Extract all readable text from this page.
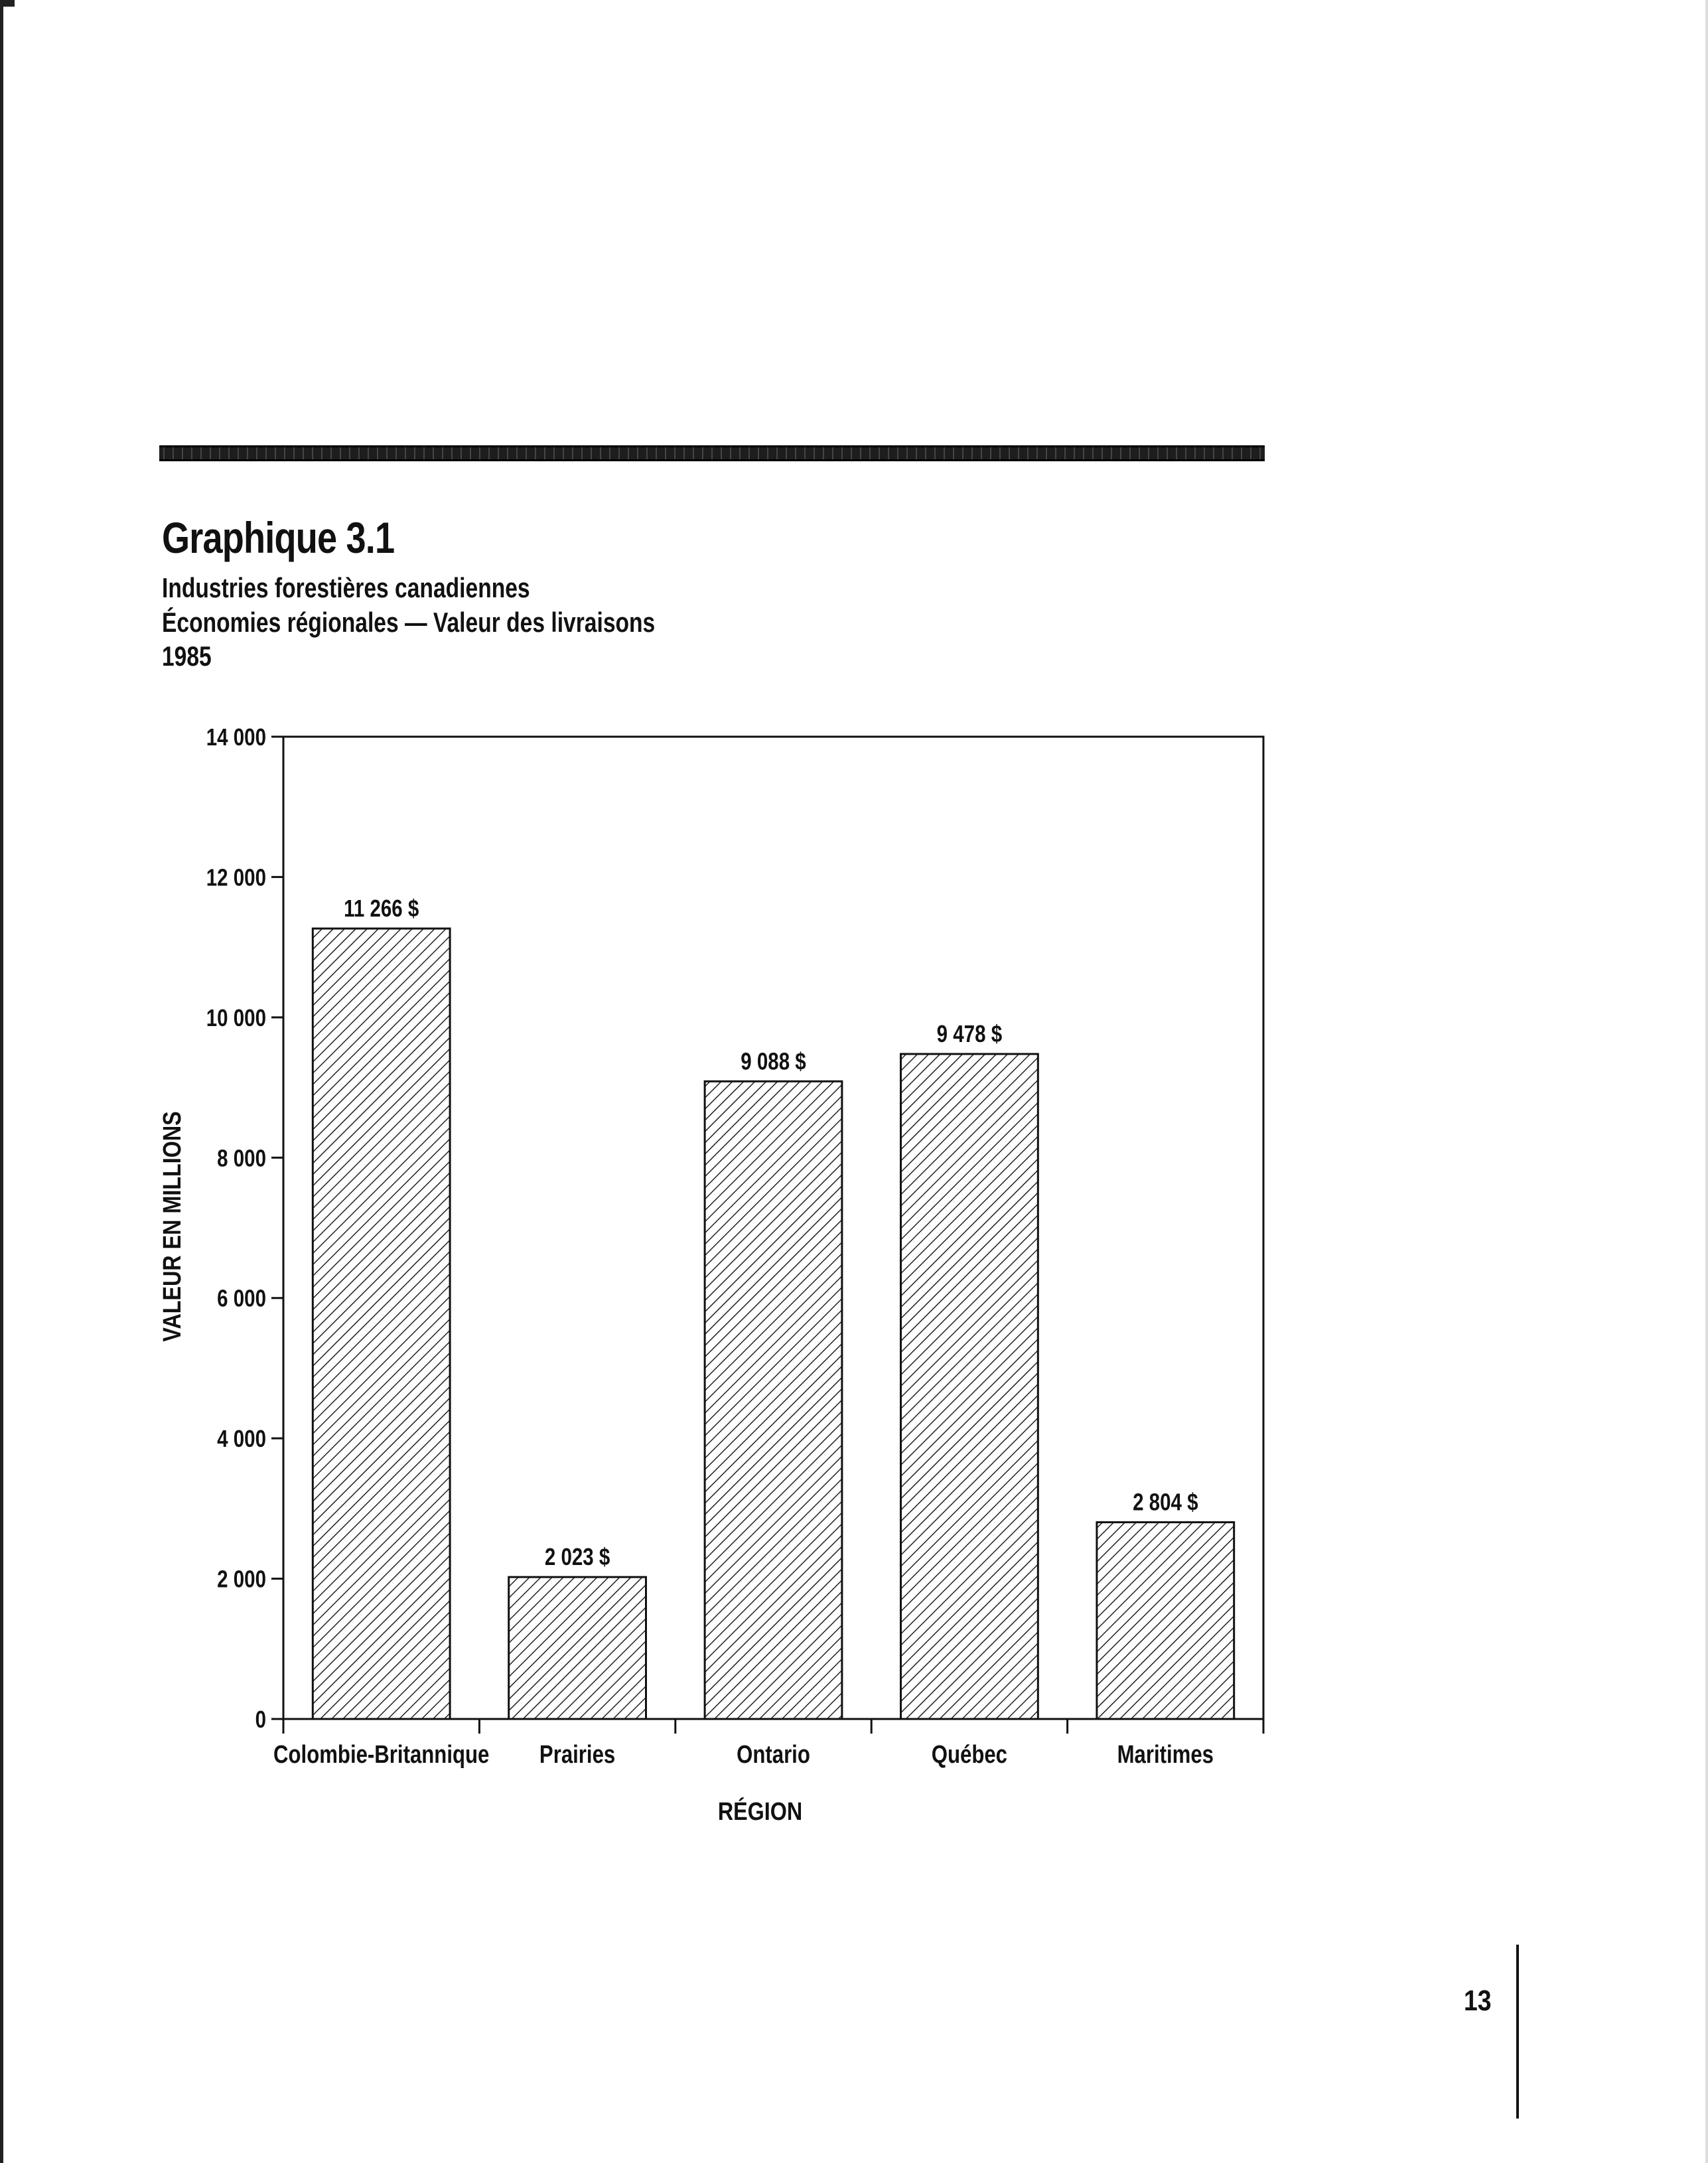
Graphique 3.1
Industries forestières canadiennes
Économies régionales — Valeur des livraisons
1985
0
2 000
4 000
6 000
8 000
10 000
12 000
14 000
11 266 $
Colombie-Britannique
2 023 $
Prairies
9 088 $
Ontario
9 478 $
Québec
2 804 $
Maritimes
RÉGION
VALEUR EN MILLIONS
13
